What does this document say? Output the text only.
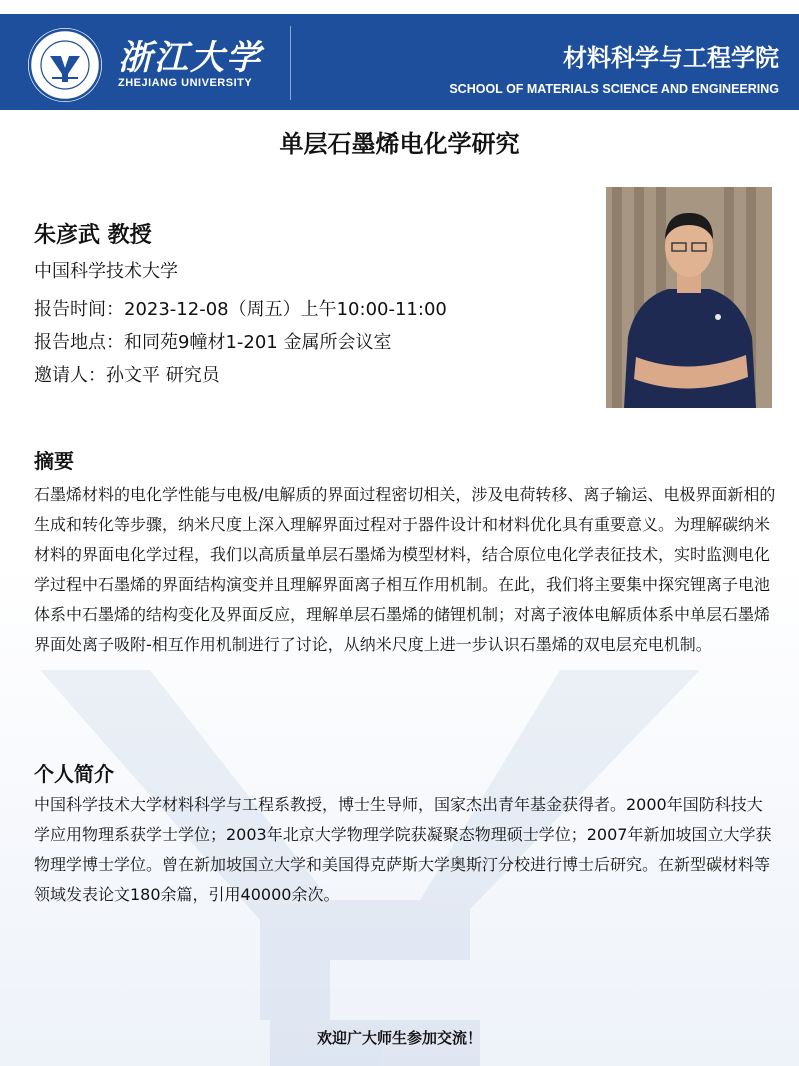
浙江大学
ZHEJIANG UNIVERSITY
材料科学与工程学院
SCHOOL OF MATERIALS SCIENCE AND ENGINEERING
单层石墨烯电化学研究
朱彦武 教授
中国科学技术大学
报告时间：2023-12-08（周五）上午10:00-11:00
报告地点：和同苑9幢材1-201 金属所会议室
邀请人：孙文平 研究员
摘要
石墨烯材料的电化学性能与电极/电解质的界面过程密切相关，涉及电荷转移、离子输运、电极界面新相的生成和转化等步骤，纳米尺度上深入理解界面过程对于器件设计和材料优化具有重要意义。为理解碳纳米材料的界面电化学过程，我们以高质量单层石墨烯为模型材料，结合原位电化学表征技术，实时监测电化学过程中石墨烯的界面结构演变并且理解界面离子相互作用机制。在此，我们将主要集中探究锂离子电池体系中石墨烯的结构变化及界面反应，理解单层石墨烯的储锂机制；对离子液体电解质体系中单层石墨烯界面处离子吸附-相互作用机制进行了讨论，从纳米尺度上进一步认识石墨烯的双电层充电机制。
个人简介
中国科学技术大学材料科学与工程系教授，博士生导师，国家杰出青年基金获得者。2000年国防科技大学应用物理系获学士学位；2003年北京大学物理学院获凝聚态物理硕士学位；2007年新加坡国立大学获物理学博士学位。曾在新加坡国立大学和美国得克萨斯大学奥斯汀分校进行博士后研究。在新型碳材料等领域发表论文180余篇，引用40000余次。
欢迎广大师生参加交流！
